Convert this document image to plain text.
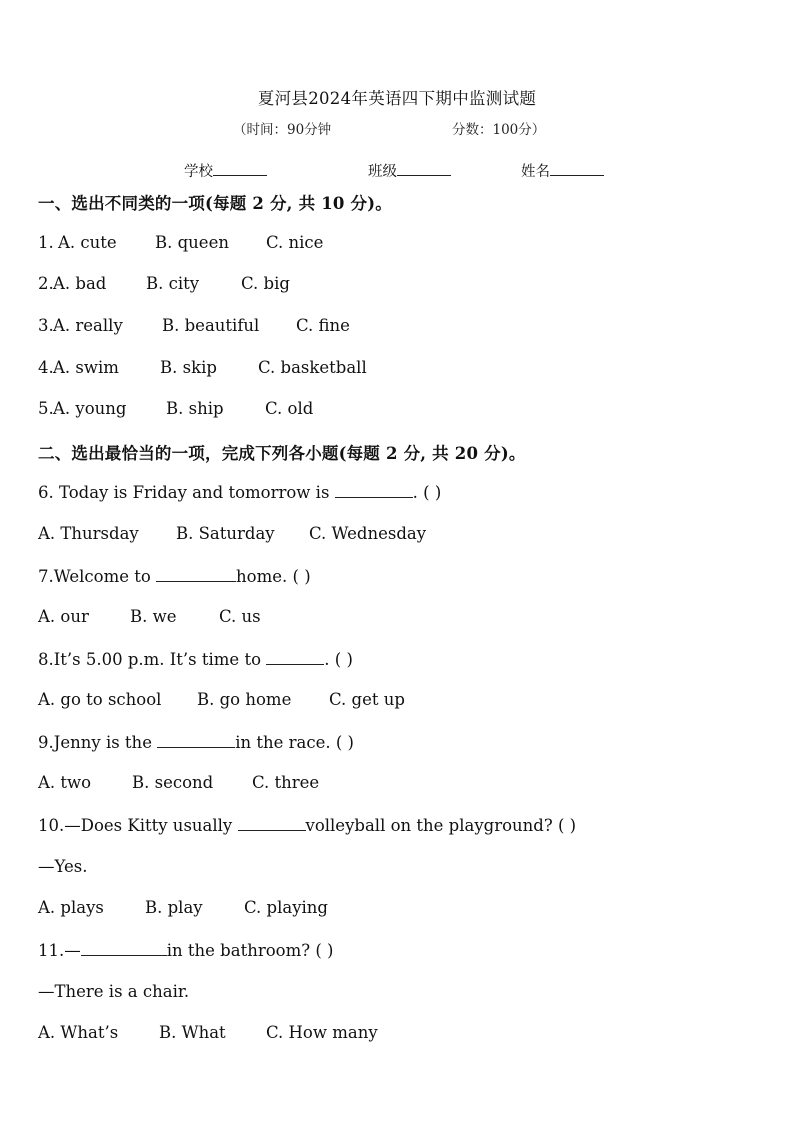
夏河县2024年英语四下期中监测试题
（时间：90分钟	分数：100分）
学校	班级	姓名
一、选出不同类的一项(每题 2 分, 共 10 分)。
1. A. cute B. queen C. nice
2. A. bad B. city	C. big
3. A. really B. beautiful C. fine
4. A. swim B. skip C. basketball
5. A. young B. ship	C. old
二、选出最恰当的一项，完成下列各小题(每题 2 分, 共 20 分)。
6. Today is Friday and tomorrow is	. ( )
A. Thursday B. Saturday C. Wednesday
7.Welcome to	home. ( )
A. our B. we	C. us
8.It’s 5.00 p.m. It’s time to	. ( )
A. go to school B. go home C. get up
9.Jenny is the	in the race. ( )
A. two B. second C. three
10.—Does Kitty usually	volleyball on the playground? ( )
—Yes.
A. plays B. play	C. playing
11.—	in the bathroom? ( )
—There is a chair.
A. What’s B. What C. How many
